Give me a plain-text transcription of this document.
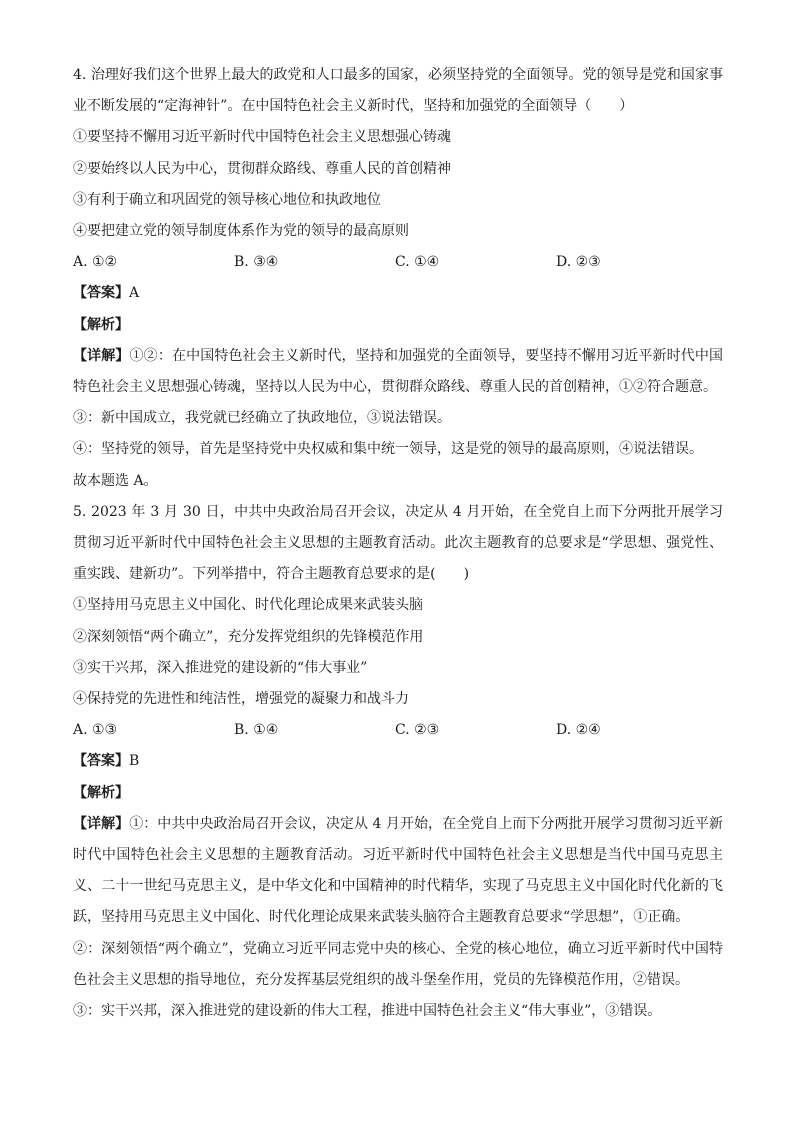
4. 治理好我们这个世界上最大的政党和人口最多的国家，必须坚持党的全面领导。党的领导是党和国家事业不断发展的“定海神针”。在中国特色社会主义新时代，坚持和加强党的全面领导（　　）
①要坚持不懈用习近平新时代中国特色社会主义思想强心铸魂
②要始终以人民为中心，贯彻群众路线、尊重人民的首创精神
③有利于确立和巩固党的领导核心地位和执政地位
④要把建立党的领导制度体系作为党的领导的最高原则
A. ①②	B. ③④	C. ①④	D. ②③
【答案】A
【解析】
【详解】①②：在中国特色社会主义新时代，坚持和加强党的全面领导，要坚持不懈用习近平新时代中国特色社会主义思想强心铸魂，坚持以人民为中心，贯彻群众路线、尊重人民的首创精神，①②符合题意。
③：新中国成立，我党就已经确立了执政地位，③说法错误。
④：坚持党的领导，首先是坚持党中央权威和集中统一领导，这是党的领导的最高原则，④说法错误。
故本题选 A。
5. 2023 年 3 月 30 日，中共中央政治局召开会议，决定从 4 月开始，在全党自上而下分两批开展学习贯彻习近平新时代中国特色社会主义思想的主题教育活动。此次主题教育的总要求是“学思想、强党性、重实践、建新功”。下列举措中，符合主题教育总要求的是(　　)
①坚持用马克思主义中国化、时代化理论成果来武装头脑
②深刻领悟“两个确立”，充分发挥党组织的先锋模范作用
③实干兴邦，深入推进党的建设新的“伟大事业”
④保持党的先进性和纯洁性，增强党的凝聚力和战斗力
A. ①③	B. ①④	C. ②③	D. ②④
【答案】B
【解析】
【详解】①：中共中央政治局召开会议，决定从 4 月开始，在全党自上而下分两批开展学习贯彻习近平新时代中国特色社会主义思想的主题教育活动。习近平新时代中国特色社会主义思想是当代中国马克思主义、二十一世纪马克思主义，是中华文化和中国精神的时代精华，实现了马克思主义中国化时代化新的飞跃，坚持用马克思主义中国化、时代化理论成果来武装头脑符合主题教育总要求“学思想”，①正确。
②：深刻领悟“两个确立”，党确立习近平同志党中央的核心、全党的核心地位，确立习近平新时代中国特色社会主义思想的指导地位，充分发挥基层党组织的战斗堡垒作用，党员的先锋模范作用，②错误。
③：实干兴邦，深入推进党的建设新的伟大工程，推进中国特色社会主义“伟大事业”，③错误。
